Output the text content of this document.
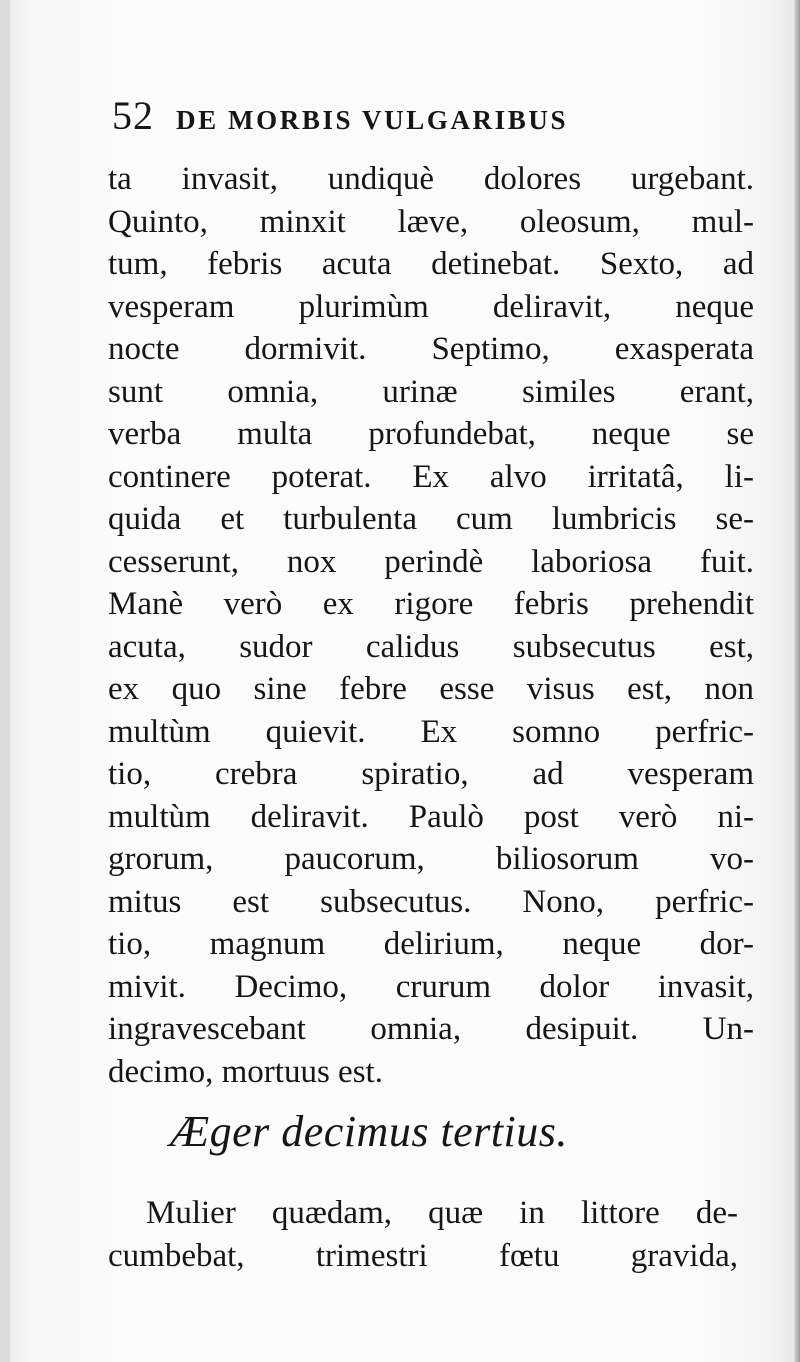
52 DE MORBIS VULGARIBUS
ta invasit, undiquè dolores urgebant.
Quinto, minxit læve, oleosum, mul-
tum, febris acuta detinebat. Sexto, ad
vesperam plurimùm deliravit, neque
nocte dormivit. Septimo, exasperata
sunt omnia, urinæ similes erant,
verba multa profundebat, neque se
continere poterat. Ex alvo irritatâ, li-
quida et turbulenta cum lumbricis se-
cesserunt, nox perindè laboriosa fuit.
Manè verò ex rigore febris prehendit
acuta, sudor calidus subsecutus est,
ex quo sine febre esse visus est, non
multùm quievit. Ex somno perfric-
tio, crebra spiratio, ad vesperam
multùm deliravit. Paulò post verò ni-
grorum, paucorum, biliosorum vo-
mitus est subsecutus. Nono, perfric-
tio, magnum delirium, neque dor-
mivit. Decimo, crurum dolor invasit,
ingravescebant omnia, desipuit. Un-
decimo, mortuus est.
Æger decimus tertius.
Mulier quædam, quæ in littore de-
cumbebat, trimestri fœtu gravida,
